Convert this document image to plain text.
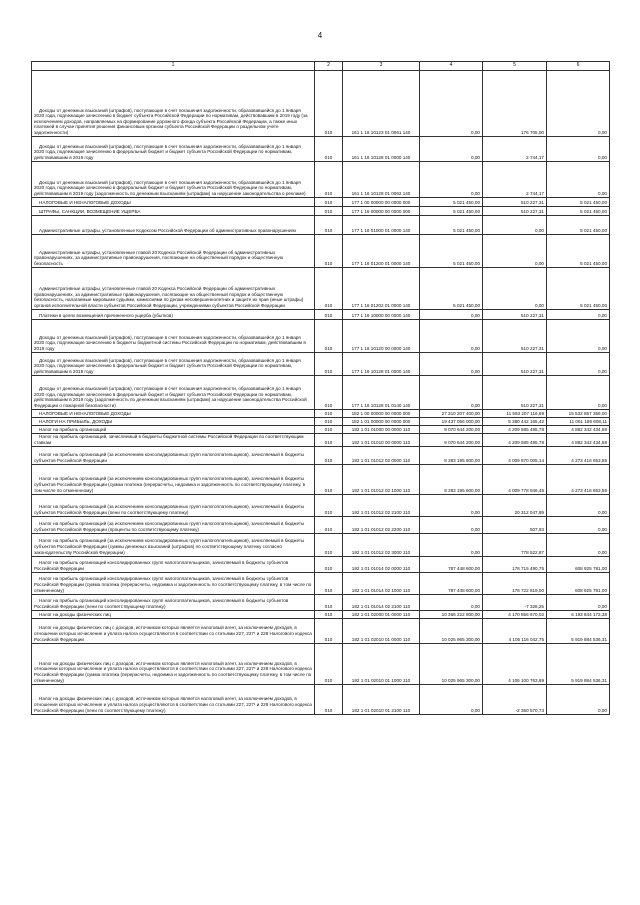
4
1	2	3	4	5	6

Доходы от денежных взысканий (штрафов), поступающие в счет погашения задолженности, образовавшейся до 1 января 2020 года, подлежащие зачислению в бюджет субъекта Российской Федерации по нормативам, действовавшим в 2019 году (за исключением доходов, направляемых на формирование дорожного фонда субъекта Российской Федерации, а также иных платежей в случае принятия решения финансовым органом субъекта Российской Федерации о раздельном учете задолженности)	010	161 1 16 10123 01 0061 140	0,00	176 705,00	0,00

Доходы от денежных взысканий (штрафов), поступающие в счет погашения задолженности, образовавшейся до 1 января 2020 года, подлежащие зачислению в федеральный бюджет и бюджет субъекта Российской Федерации по нормативам, действовавшим в 2019 году	010	161 1 16 10128 01 0000 140	0,00	2 744,17	0,00

Доходы от денежных взысканий (штрафов), поступающие в счет погашения задолженности, образовавшейся до 1 января 2020 года, подлежащие зачислению в федеральный бюджет и бюджет субъекта Российской Федерации по нормативам, действовавшим в 2019 году (задолженность по денежным взысканиям (штрафам) за нарушение законодательства о рекламе)	010	161 1 16 10128 01 0062 140	0,00	2 744,17	0,00

НАЛОГОВЫЕ И НЕНАЛОГОВЫЕ ДОХОДЫ	010	177 1 00 00000 00 0000 000	5 021 450,00	510 227,31	5 021 450,00

ШТРАФЫ, САНКЦИИ, ВОЗМЕЩЕНИЕ УЩЕРБА	010	177 1 16 00000 00 0000 000	5 021 450,00	510 227,31	5 021 450,00

Административные штрафы, установленные Кодексом Российской Федерации об административных правонарушениях	010	177 1 16 01000 01 0000 140	5 021 450,00	0,00	5 021 450,00

Административные штрафы, установленные главой 20 Кодекса Российской Федерации об административных правонарушениях, за административные правонарушения, посягающие на общественный порядок и общественную безопасность	010	177 1 16 01200 01 0000 140	5 021 450,00	0,00	5 021 450,00

Административные штрафы, установленные главой 20 Кодекса Российской Федерации об административных правонарушениях, за административные правонарушения, посягающие на общественный порядок и общественную безопасность, налагаемые мировыми судьями, комиссиями по делам несовершеннолетних и защите их прав (иные штрафы) органов исполнительной власти субъектов Российской Федерации, учреждениями субъектов Российской Федерации	010	177 1 16 01202 01 0000 140	5 021 450,00	0,00	5 021 450,00

Платежи в целях возмещения причиненного ущерба (убытков)	010	177 1 16 10000 00 0000 140	0,00	510 227,31	0,00

Доходы от денежных взысканий (штрафов), поступающие в счет погашения задолженности, образовавшейся до 1 января 2020 года, подлежащие зачислению в бюджеты бюджетной системы Российской Федерации по нормативам, действовавшим в 2019 году	010	177 1 16 10120 00 0000 140	0,00	510 227,31	0,00

Доходы от денежных взысканий (штрафов), поступающие в счет погашения задолженности, образовавшейся до 1 января 2020 года, подлежащие зачислению в федеральный бюджет и бюджет субъекта Российской Федерации по нормативам, действовавшим в 2019 году	010	177 1 16 10128 01 0000 140	0,00	510 227,31	0,00

Доходы от денежных взысканий (штрафов), поступающие в счет погашения задолженности, образовавшейся до 1 января 2020 года, подлежащие зачислению в федеральный бюджет и бюджет субъекта Российской Федерации по нормативам, действовавшим в 2019 году (задолженность по денежным взысканиям (штрафам) за нарушение законодательства Российской Федерации о пожарной безопасности)	010	177 1 16 10128 01 0140 140	0,00	510 227,31	0,00

НАЛОГОВЫЕ И НЕНАЛОГОВЫЕ ДОХОДЫ	010	182 1 00 00000 00 0000 000	27 310 207 400,00	11 593 207 116,69	15 532 857 359,00

НАЛОГИ НА ПРИБЫЛЬ, ДОХОДЫ	010	182 1 01 00000 00 0000 000	19 437 056 000,00	5 380 442 165,42	11 061 186 608,11

Налог на прибыль организаций	010	182 1 01 01000 00 0000 110	9 070 644 200,00	4 209 585 495,78	4 882 342 434,58

Налог на прибыль организаций, зачисляемый в бюджеты бюджетной системы Российской Федерации по соответствующим ставкам	010	182 1 01 01010 00 0000 110	9 070 644 200,00	4 209 585 495,78	4 882 342 434,58

Налог на прибыль организаций (за исключением консолидированных групп налогоплательщиков), зачисляемый в бюджеты субъектов Российской Федерации	010	182 1 01 01012 02 0000 110	8 283 195 600,00	4 009 870 005,14	4 273 416 653,55

Налог на прибыль организаций (за исключением консолидированных групп налогоплательщиков), зачисляемый в бюджеты субъектов Российской Федерации (сумма платежа (перерасчеты, недоимка и задолженность по соответствующему платежу, в том числе по отмененному)	010	182 1 01 01012 02 1000 110	8 283 195 600,00	4 009 778 946,45	4 273 416 653,55

Налог на прибыль организаций (за исключением консолидированных групп налогоплательщиков), зачисляемый в бюджеты субъектов Российской Федерации (пени по соответствующему платежу)	010	182 1 01 01012 02 2100 110	0,00	20 312 047,89	0,00

Налог на прибыль организаций (за исключением консолидированных групп налогоплательщиков), зачисляемый в бюджеты субъектов Российской Федерации (проценты по соответствующему платежу)	010	182 1 01 01012 02 2200 110	0,00	507,93	0,00

Налог на прибыль организаций (за исключением консолидированных групп налогоплательщиков), зачисляемый в бюджеты субъектов Российской Федерации (суммы денежных взысканий (штрафов) по соответствующему платежу согласно законодательству Российской Федерации)	010	182 1 01 01012 02 3000 110	0,00	778 522,87	0,00

Налог на прибыль организаций консолидированных групп налогоплательщиков, зачисляемый в бюджеты субъектов Российской Федерации	010	182 1 01 01014 02 0000 110	787 448 600,00	178 715 490,75	608 925 781,00

Налог на прибыль организаций консолидированных групп налогоплательщиков, зачисляемый в бюджеты субъектов Российской Федерации (сумма платежа (перерасчеты, недоимка и задолженность по соответствующему платежу, в том числе по отмененному)	010	182 1 01 01014 02 1000 110	787 448 600,00	178 722 819,00	608 925 781,00

Налог на прибыль организаций консолидированных групп налогоплательщиков, зачисляемый в бюджеты субъектов Российской Федерации (пени по соответствующему платежу)	010	182 1 01 01014 02 2100 110	0,00	-7 328,25	0,00

Налог на доходы физических лиц	010	182 1 01 02000 01 0000 110	10 366 222 800,00	4 170 856 670,02	6 193 844 173,38

Налог на доходы физических лиц с доходов, источником которых является налоговый агент, за исключением доходов, в отношении которых исчисление и уплата налога осуществляются в соответствии со статьями 227, 227¹ и 228 Налогового кодекса Российской Федерации	010	182 1 01 02010 01 0000 110	10 025 965 300,00	4 105 116 042,75	5 919 884 536,31

Налог на доходы физических лиц с доходов, источником которых является налоговый агент, за исключением доходов, в отношении которых исчисление и уплата налога осуществляются в соответствии со статьями 227, 227¹ и 228 Налогового кодекса Российской Федерации (сумма платежа (перерасчеты, недоимка и задолженность по соответствующему платежу, в том числе по отмененному)	010	182 1 01 02010 01 1000 110	10 025 965 300,00	4 106 100 763,69	5 919 884 536,31

Налог на доходы физических лиц с доходов, источником которых является налоговый агент, за исключением доходов, в отношении которых исчисление и уплата налога осуществляются в соответствии со статьями 227, 227¹ и 228 Налогового кодекса Российской Федерации (пени по соответствующему платежу)	010	182 1 01 02010 01 2100 110	0,00	-2 360 570,73	0,00
